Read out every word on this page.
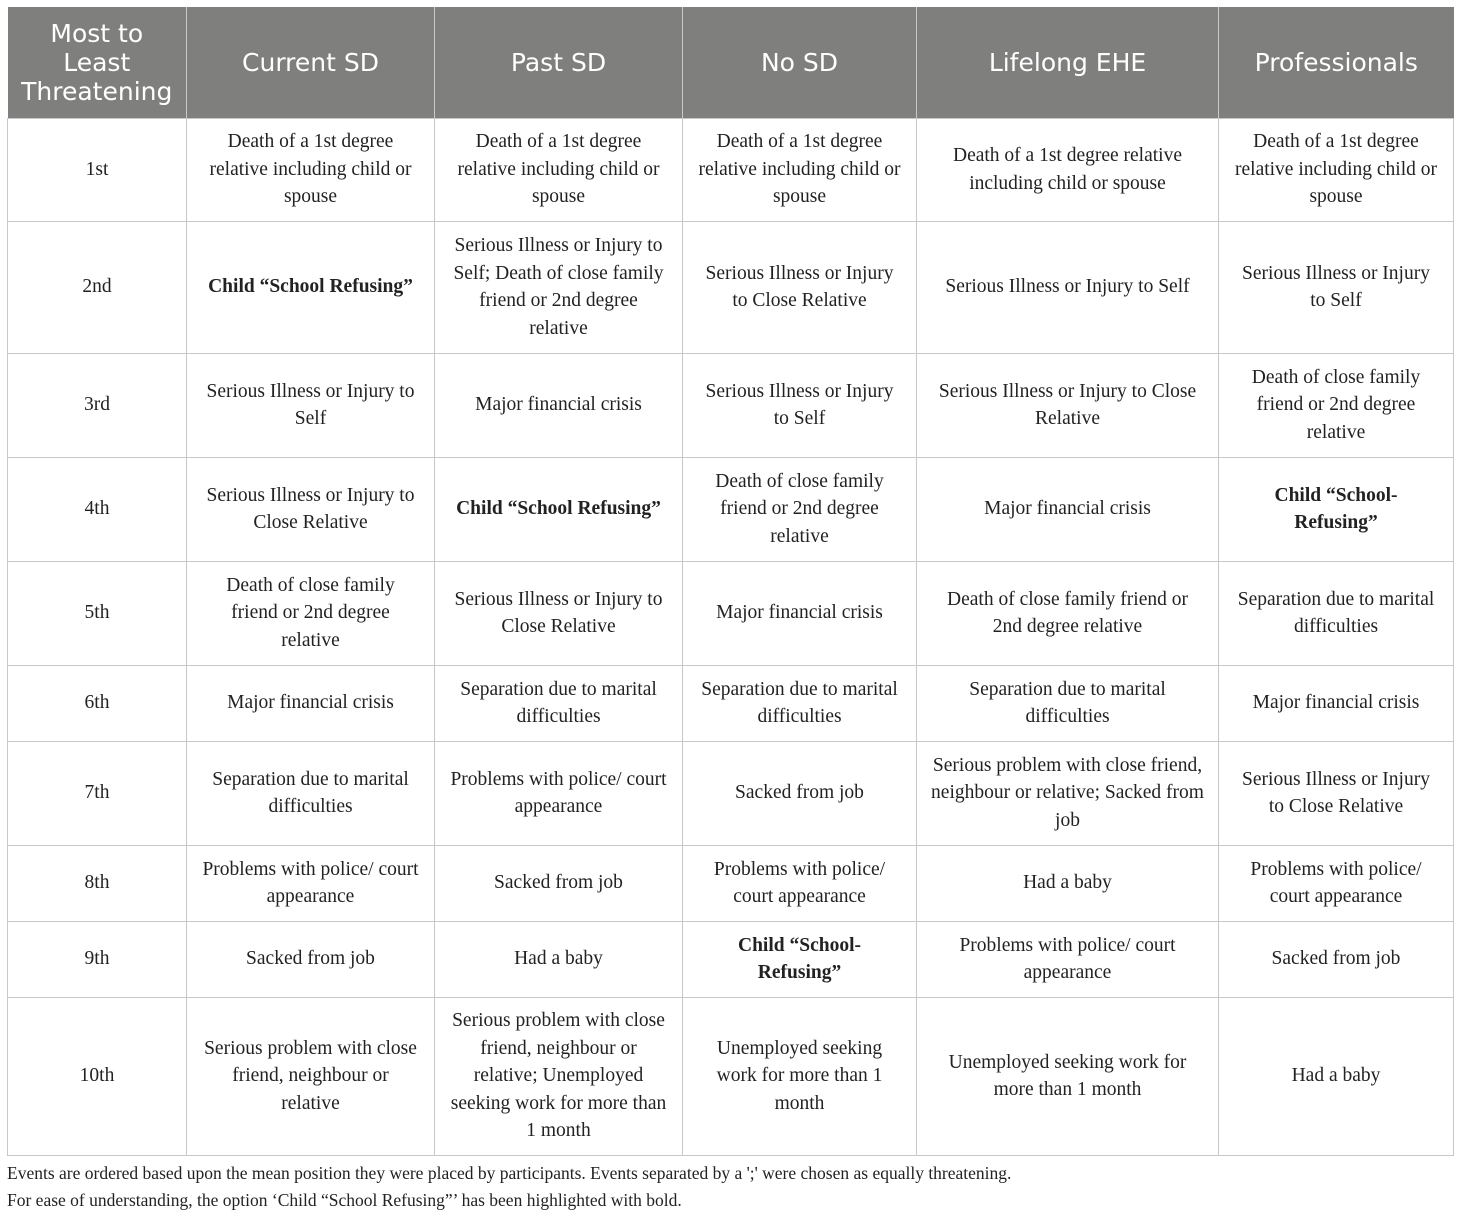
Most to Least Threatening	Current SD	Past SD	No SD	Lifelong EHE	Professionals
1st	Death of a 1st degree relative including child or spouse	Death of a 1st degree relative including child or spouse	Death of a 1st degree relative including child or spouse	Death of a 1st degree relative including child or spouse	Death of a 1st degree relative including child or spouse
2nd	Child “School Refusing”	Serious Illness or Injury to Self; Death of close family friend or 2nd degree relative	Serious Illness or Injury to Close Relative	Serious Illness or Injury to Self	Serious Illness or Injury to Self
3rd	Serious Illness or Injury to Self	Major financial crisis	Serious Illness or Injury to Self	Serious Illness or Injury to Close Relative	Death of close family friend or 2nd degree relative
4th	Serious Illness or Injury to Close Relative	Child “School Refusing”	Death of close family friend or 2nd degree relative	Major financial crisis	Child “School-Refusing”
5th	Death of close family friend or 2nd degree relative	Serious Illness or Injury to Close Relative	Major financial crisis	Death of close family friend or 2nd degree relative	Separation due to marital difficulties
6th	Major financial crisis	Separation due to marital difficulties	Separation due to marital difficulties	Separation due to marital difficulties	Major financial crisis
7th	Separation due to marital difficulties	Problems with police/ court appearance	Sacked from job	Serious problem with close friend, neighbour or relative; Sacked from job	Serious Illness or Injury to Close Relative
8th	Problems with police/ court appearance	Sacked from job	Problems with police/ court appearance	Had a baby	Problems with police/ court appearance
9th	Sacked from job	Had a baby	Child “School-Refusing”	Problems with police/ court appearance	Sacked from job
10th	Serious problem with close friend, neighbour or relative	Serious problem with close friend, neighbour or relative; Unemployed seeking work for more than 1 month	Unemployed seeking work for more than 1 month	Unemployed seeking work for more than 1 month	Had a baby

Events are ordered based upon the mean position they were placed by participants. Events separated by a ';' were chosen as equally threatening.

For ease of understanding, the option ‘Child “School Refusing”’ has been highlighted with bold.
